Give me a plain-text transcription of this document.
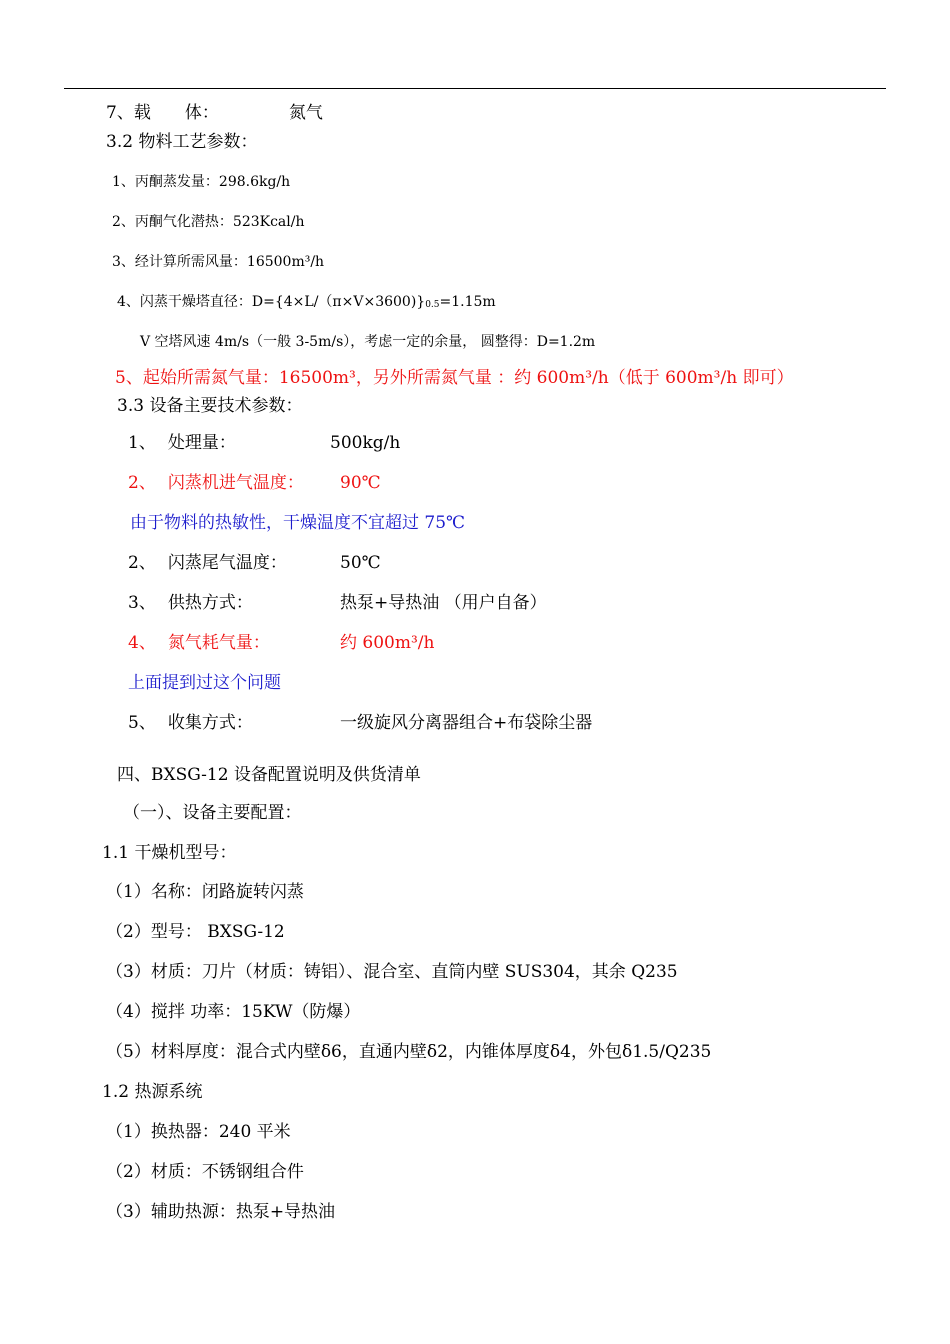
7、载　　体：	氮气
3.2 物料工艺参数：
1、丙酮蒸发量：298.6kg/h
2、丙酮气化潜热：523Kcal/h
3、经计算所需风量：16500m³/h
4、闪蒸干燥塔直径：D={4×L/（π×V×3600)}0.5=1.15m
V 空塔风速 4m/s（一般 3-5m/s），考虑一定的余量， 圆整得：D=1.2m
5、起始所需氮气量：16500m³，另外所需氮气量 ：约 600m³/h（低于 600m³/h 即可）
3.3 设备主要技术参数：
1、 处理量：	500kg/h
2、 闪蒸机进气温度： 90℃
由于物料的热敏性，干燥温度不宜超过 75℃
2、 闪蒸尾气温度：	50℃
3、 供热方式：	热泵+导热油 （用户自备）
4、 氮气耗气量：	约 600m³/h
上面提到过这个问题
5、 收集方式：	一级旋风分离器组合+布袋除尘器
四、BXSG-12 设备配置说明及供货清单
（一）、设备主要配置：
1.1 干燥机型号：
（1）名称：闭路旋转闪蒸
（2）型号： BXSG-12
（3）材质：刀片（材质：铸铝）、混合室、直筒内壁 SUS304，其余 Q235
（4）搅拌 功率：15KW（防爆）
（5）材料厚度：混合式内壁δ6，直通内壁δ2，内锥体厚度δ4，外包δ1.5/Q235
1.2 热源系统
（1）换热器：240 平米
（2）材质：不锈钢组合件
（3）辅助热源：热泵+导热油
